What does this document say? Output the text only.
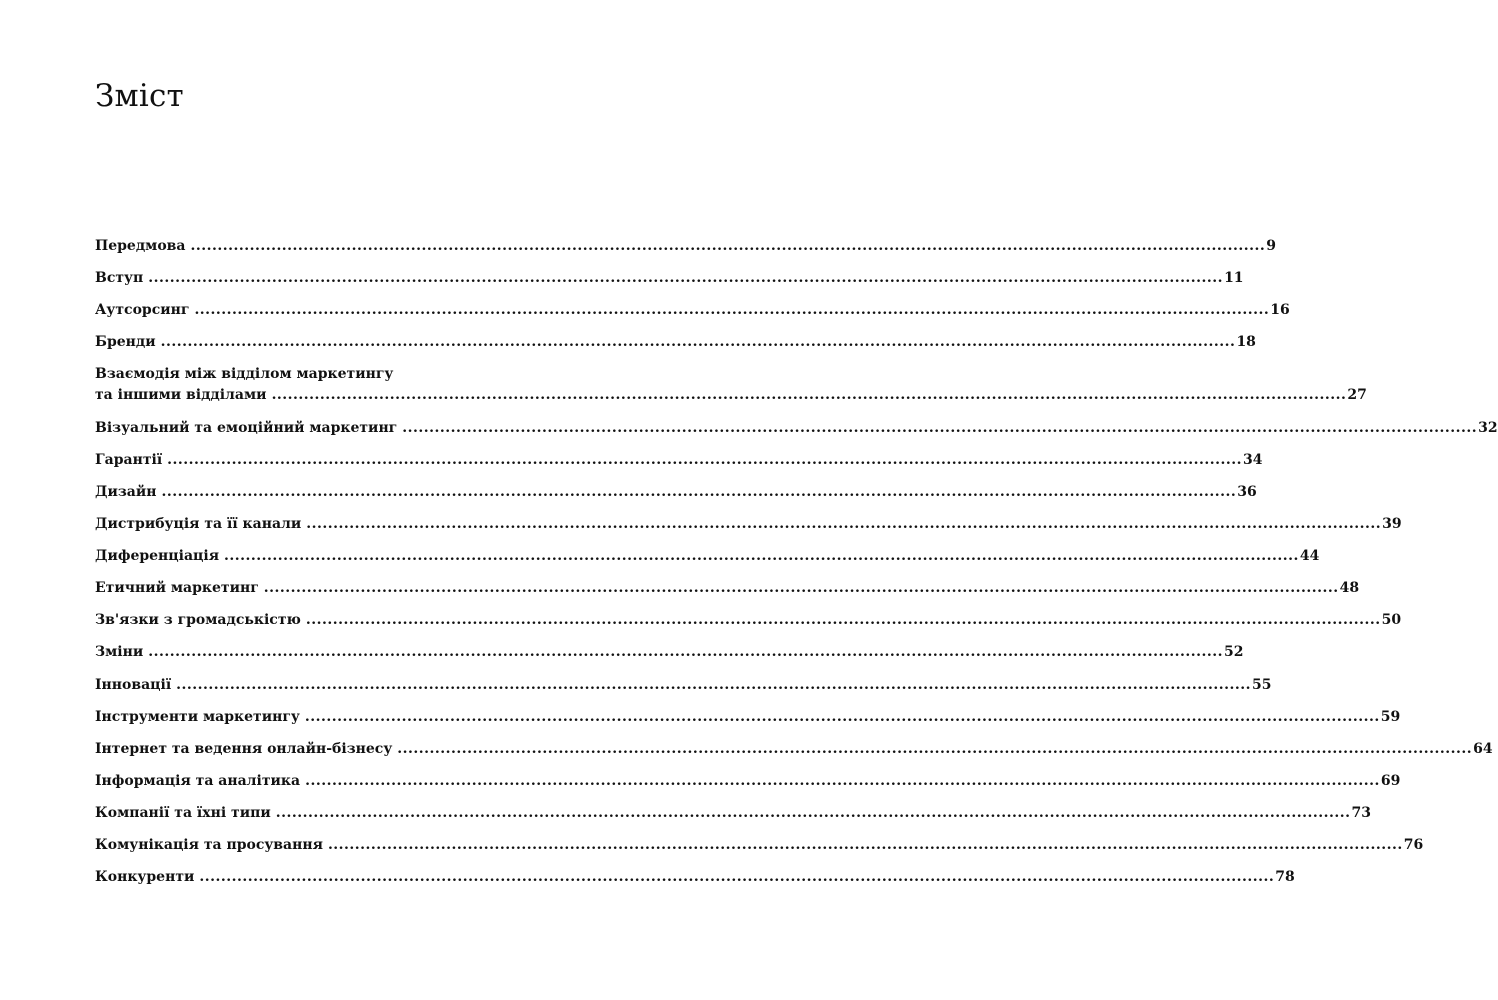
Зміст
Передмова ........................................................................................................................................................................................................ 9
Вступ ........................................................................................................................................................................................................ 11
Аутсорсинг ........................................................................................................................................................................................................ 16
Бренди ........................................................................................................................................................................................................ 18
Взаємодія між відділом маркетингу
та іншими відділами ........................................................................................................................................................................................................ 27
Візуальний та емоційний маркетинг ........................................................................................................................................................................................................ 32
Гарантії ........................................................................................................................................................................................................ 34
Дизайн ........................................................................................................................................................................................................ 36
Дистрибуція та її канали ........................................................................................................................................................................................................ 39
Диференціація ........................................................................................................................................................................................................ 44
Етичний маркетинг ........................................................................................................................................................................................................ 48
Зв'язки з громадськістю ........................................................................................................................................................................................................ 50
Зміни ........................................................................................................................................................................................................ 52
Інновації ........................................................................................................................................................................................................ 55
Інструменти маркетингу ........................................................................................................................................................................................................ 59
Інтернет та ведення онлайн-бізнесу ........................................................................................................................................................................................................ 64
Інформація та аналітика ........................................................................................................................................................................................................ 69
Компанії та їхні типи ........................................................................................................................................................................................................ 73
Комунікація та просування ........................................................................................................................................................................................................ 76
Конкуренти ........................................................................................................................................................................................................ 78
